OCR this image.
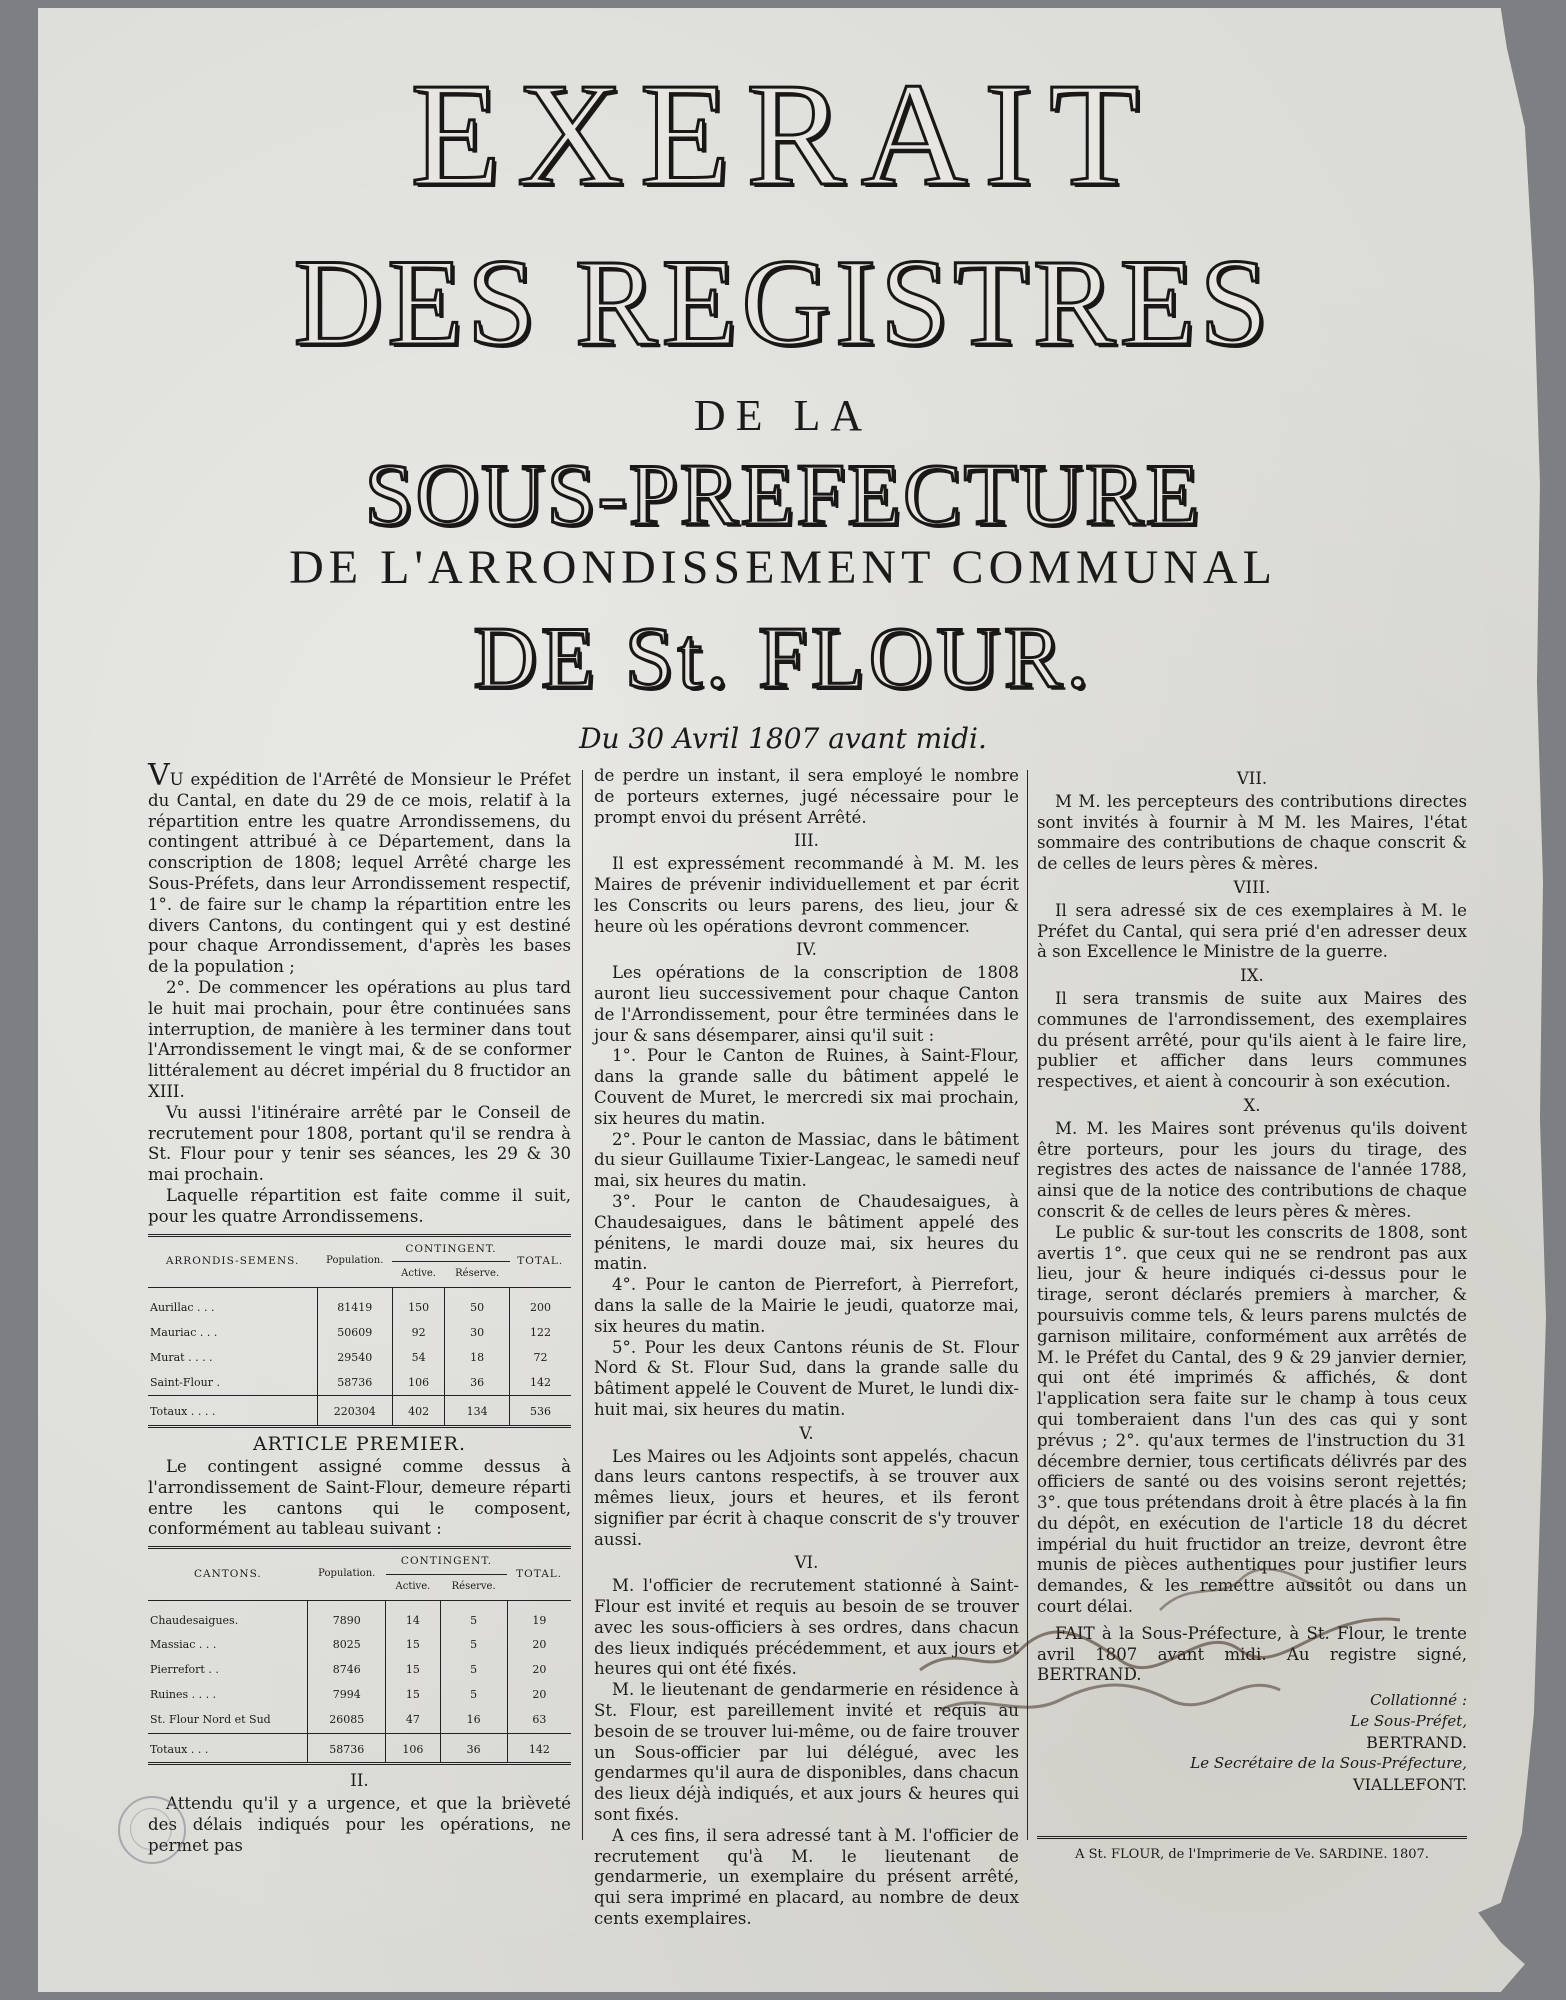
EXERAIT
DES REGISTRES
DE LA
SOUS-PREFECTURE
DE L'ARRONDISSEMENT COMMUNAL
DE St. FLOUR.
Du 30 Avril 1807 avant midi.

VU expédition de l'Arrêté de Monsieur le Préfet du Cantal, en date du 29 de ce mois, relatif à la répartition entre les quatre Arrondissemens, du contingent attribué à ce Département, dans la conscription de 1808; lequel Arrêté charge les Sous-Préfets, dans leur Arrondissement respectif, 1°. de faire sur le champ la répartition entre les divers Cantons, du contingent qui y est destiné pour chaque Arrondissement, d'après les bases de la population ;

2°. De commencer les opérations au plus tard le huit mai prochain, pour être continuées sans interruption, de manière à les terminer dans tout l'Arrondissement le vingt mai, & de se conformer littéralement au décret impérial du 8 fructidor an XIII.

Vu aussi l'itinéraire arrêté par le Conseil de recrutement pour 1808, portant qu'il se rendra à St. Flour pour y tenir ses séances, les 29 & 30 mai prochain.

Laquelle répartition est faite comme il suit, pour les quatre Arrondissemens.

ARRONDIS-SEMENS.	Population.	CONTINGENT.		TOTAL.
		Active.	Réserve.	
Aurillac . . .	81419	150	50	200
Mauriac . . .	50609	92	30	122
Murat . . . .	29540	54	18	72
Saint-Flour .	58736	106	36	142
Totaux . . . .	220304	402	134	536
ARTICLE PREMIER.

Le contingent assigné comme dessus à l'arrondissement de Saint-Flour, demeure réparti entre les cantons qui le composent, conformément au tableau suivant :

CANTONS.	Population.	CONTINGENT.		TOTAL.
		Active.	Réserve.	
Chaudesaigues.	7890	14	5	19
Massiac . . .	8025	15	5	20
Pierrefort . .	8746	15	5	20
Ruines . . . .	7994	15	5	20
St. Flour Nord et Sud	26085	47	16	63
Totaux . . .	58736	106	36	142
II.

Attendu qu'il y a urgence, et que la brièveté des délais indiqués pour les opérations, ne permet pas

de perdre un instant, il sera employé le nombre de porteurs externes, jugé nécessaire pour le prompt envoi du présent Arrêté.

III.

Il est expressément recommandé à M. M. les Maires de prévenir individuellement et par écrit les Conscrits ou leurs parens, des lieu, jour & heure où les opérations devront commencer.

IV.

Les opérations de la conscription de 1808 auront lieu successivement pour chaque Canton de l'Arrondissement, pour être terminées dans le jour & sans désemparer, ainsi qu'il suit :

1°. Pour le Canton de Ruines, à Saint-Flour, dans la grande salle du bâtiment appelé le Couvent de Muret, le mercredi six mai prochain, six heures du matin.

2°. Pour le canton de Massiac, dans le bâtiment du sieur Guillaume Tixier-Langeac, le samedi neuf mai, six heures du matin.

3°. Pour le canton de Chaudesaigues, à Chaudesaigues, dans le bâtiment appelé des pénitens, le mardi douze mai, six heures du matin.

4°. Pour le canton de Pierrefort, à Pierrefort, dans la salle de la Mairie le jeudi, quatorze mai, six heures du matin.

5°. Pour les deux Cantons réunis de St. Flour Nord & St. Flour Sud, dans la grande salle du bâtiment appelé le Couvent de Muret, le lundi dix-huit mai, six heures du matin.

V.

Les Maires ou les Adjoints sont appelés, chacun dans leurs cantons respectifs, à se trouver aux mêmes lieux, jours et heures, et ils feront signifier par écrit à chaque conscrit de s'y trouver aussi.

VI.

M. l'officier de recrutement stationné à Saint-Flour est invité et requis au besoin de se trouver avec les sous-officiers à ses ordres, dans chacun des lieux indiqués précédemment, et aux jours et heures qui ont été fixés.

M. le lieutenant de gendarmerie en résidence à St. Flour, est pareillement invité et requis au besoin de se trouver lui-même, ou de faire trouver un Sous-officier par lui délégué, avec les gendarmes qu'il aura de disponibles, dans chacun des lieux déjà indiqués, et aux jours & heures qui sont fixés.

A ces fins, il sera adressé tant à M. l'officier de recrutement qu'à M. le lieutenant de gendarmerie, un exemplaire du présent arrêté, qui sera imprimé en placard, au nombre de deux cents exemplaires.

VII.

M M. les percepteurs des contributions directes sont invités à fournir à M M. les Maires, l'état sommaire des contributions de chaque conscrit & de celles de leurs pères & mères.

VIII.

Il sera adressé six de ces exemplaires à M. le Préfet du Cantal, qui sera prié d'en adresser deux à son Excellence le Ministre de la guerre.

IX.

Il sera transmis de suite aux Maires des communes de l'arrondissement, des exemplaires du présent arrêté, pour qu'ils aient à le faire lire, publier et afficher dans leurs communes respectives, et aient à concourir à son exécution.

X.

M. M. les Maires sont prévenus qu'ils doivent être porteurs, pour les jours du tirage, des registres des actes de naissance de l'année 1788, ainsi que de la notice des contributions de chaque conscrit & de celles de leurs pères & mères.

Le public & sur-tout les conscrits de 1808, sont avertis 1°. que ceux qui ne se rendront pas aux lieu, jour & heure indiqués ci-dessus pour le tirage, seront déclarés premiers à marcher, & poursuivis comme tels, & leurs parens mulctés de garnison militaire, conformément aux arrêtés de M. le Préfet du Cantal, des 9 & 29 janvier dernier, qui ont été imprimés & affichés, & dont l'application sera faite sur le champ à tous ceux qui tomberaient dans l'un des cas qui y sont prévus ; 2°. qu'aux termes de l'instruction du 31 décembre dernier, tous certificats délivrés par des officiers de santé ou des voisins seront rejettés; 3°. que tous prétendans droit à être placés à la fin du dépôt, en exécution de l'article 18 du décret impérial du huit fructidor an treize, devront être munis de pièces authentiques pour justifier leurs demandes, & les remettre aussitôt ou dans un court délai.

FAIT à la Sous-Préfecture, à St. Flour, le trente avril 1807 avant midi. Au registre signé, BERTRAND.

Collationné :
Le Sous-Préfet,
BERTRAND.
Le Secrétaire de la Sous-Préfecture,
VIALLEFONT.
A St. FLOUR, de l'Imprimerie de Ve. SARDINE. 1807.
